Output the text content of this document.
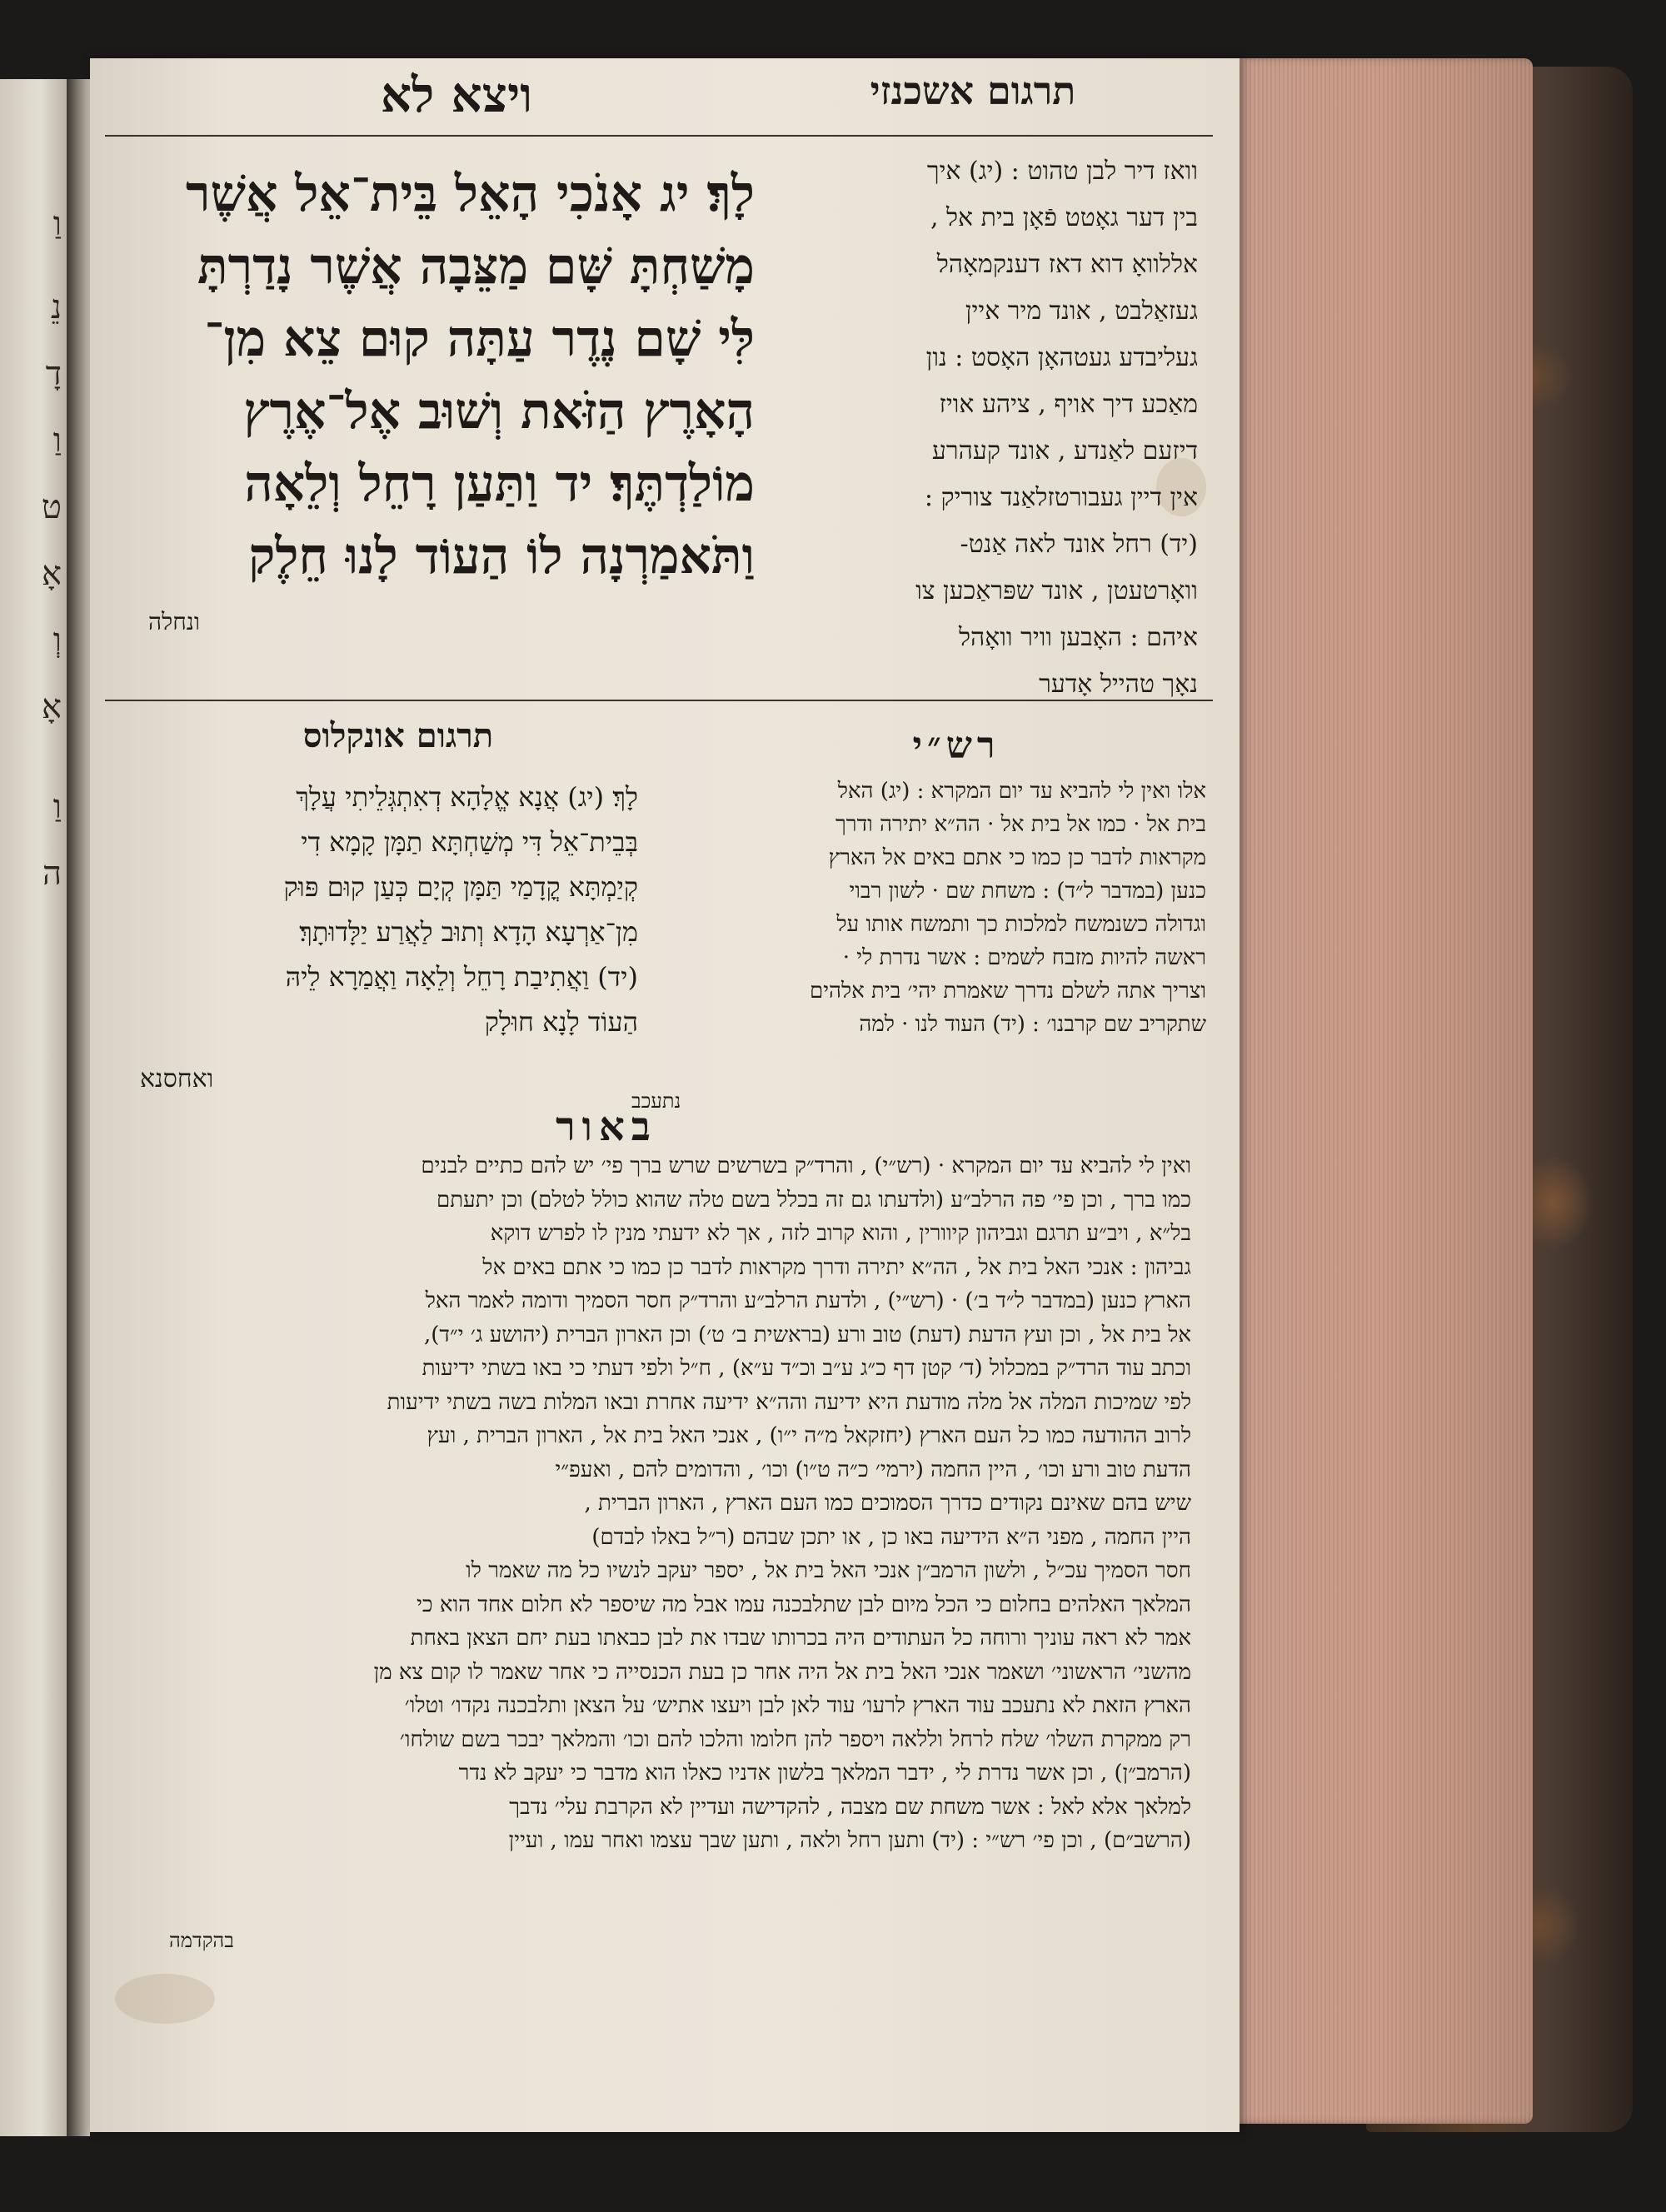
וַ
נֵ
דָ
וַ
ט
אָ
וְ
אָ
וַ
ה
ויצא לא	תרגום אשכנזי
לָךְ׃ יג אָנֹכִי הָאֵל בֵּית־אֵל אֲשֶׁר
מָשַׁחְתָּ שָּׁם מַצֵּבָה אֲשֶׁר נָדַרְתָּ
לִּי שָׁם נֶדֶר עַתָּה קוּם צֵא מִן־
הָאָרֶץ הַזֹּאת וְשׁוּב אֶל־אֶרֶץ
מוֹלַדְתֶּךָ׃ יד וַתַּעַן רָחֵל וְלֵאָה
וַתֹּאמַרְנָה לוֹ הַעוֹד לָנוּ חֵלֶק
ונחלה
וואז דיר לבן טהוט : (יג) איך
בין דער גאָטט פֿאָן בית אל ,
אללוואָ דוא דאז דענקמאָהל
געזאַלבט , אונד מיר איין
געליבדע געטהאָן האָסט : נון
מאַכע דיך אויף , ציהע אויז
דיזעם לאַנדע , אונד קעהרע
אין דיין געבורטזלאַנד צוריק :
(יד) רחל אונד לאה אַנט-
וואָרטעטן , אונד שפּראַכען צו
איהם : האָבען וויר וואָהל
נאָך טהייל אָדער
תרגום אונקלוס
לָךְ׃ (יג) אֲנָא אֱלָהָא דְאִתְגְּלֵיתִי עֲלָךְ
בְּבֵית־אֵל דִּי מְשַׁחְתָּא תַמָּן קָמָא דִי
קְיַמְתָּא קֳדָמַי תַּמָּן קְיָם כְּעַן קוּם פּוּק
מִן־אַרְעָא הָדָא וְתוּב לַאֲרַע יַלָּדוּתָךְ׃
(יד) וַאֲתִיבַת רָחֵל וְלֵאָה וַאֲמַרָא לֵיהּ
הַעוֹד לָנָא חוּלָק
ואחסנא
רש״י
אלו ואין לי להביא עד יום המקרא : (יג) האל
בית אל · כמו אל בית אל · הה״א יתירה ודרך
מקראות לדבר כן כמו כי אתם באים אל הארץ
כנען (במדבר ל״ד) : משחת שם · לשון רבוי
וגדולה כשנמשח למלכות כך ותמשח אותו על
ראשה להיות מזבח לשמים : אשר נדרת לי ·
וצריך אתה לשלם נדרך שאמרת יהי׳ בית אלהים
שתקריב שם קרבנו׳ : (יד) העוד לנו · למה
נתעכב
באור
ואין לי להביא עד יום המקרא · (רש״י) , והרד״ק בשרשים שרש ברך פי׳ יש להם כתיים לבנים
כמו ברך , וכן פי׳ פה הרלב״ע (ולדעתו גם זה בכלל בשם טלה שהוא כולל לטלם) וכן יתעתם
בל״א , ויב״ע תרגם וגביהון קיוורין , והוא קרוב לזה , אך לא ידעתי מנין לו לפרש דוקא
גביהון : אנכי האל בית אל , הה״א יתירה ודרך מקראות לדבר כן כמו כי אתם באים אל
הארץ כנען (במדבר ל״ד ב׳) · (רש״י) , ולדעת הרלב״ע והרד״ק חסר הסמיך ודומה לאמר האל
אל בית אל , וכן ועץ הדעת (דעת) טוב ורע (בראשית ב׳ ט׳) וכן הארון הברית (יהושע ג׳ י״ד),
וכתב עוד הרד״ק במכלול (ד׳ קטן דף כ״ג ע״ב וכ״ד ע״א) , ח״ל ולפי דעתי כי באו בשתי ידיעות
לפי שמיכות המלה אל מלה מודעת היא ידיעה והה״א ידיעה אחרת ובאו המלות בשה בשתי ידיעות
לרוב ההודעה כמו כל העם הארץ (יחזקאל מ״ה י״ו) , אנכי האל בית אל , הארון הברית , ועץ
הדעת טוב ורע וכו׳ , היין החמה (ירמי׳ כ״ה ט״ו) וכו׳ , והדומים להם , ואעפ״י
שיש בהם שאינם נקודים כדרך הסמוכים כמו העם הארץ , הארון הברית ,
היין החמה , מפני ה״א הידיעה באו כן , או יתכן שבהם (ר״ל באלו לבדם)
חסר הסמיך עכ״ל , ולשון הרמב״ן אנכי האל בית אל , יספר יעקב לנשיו כל מה שאמר לו
המלאך האלהים בחלום כי הכל מיום לבן שתלבכנה עמו אבל מה שיספר לא חלום אחד הוא כי
אמר לא ראה עוניך ורוחה כל העתודים היה בכרותו שבדו את לבן כבאתו בעת יחם הצאן באחת
מהשני׳ הראשוני׳ ושאמר אנכי האל בית אל היה אחר כן בעת הכנסייה כי אחר שאמר לו קום צא מן
הארץ הזאת לא נתעכב עוד הארץ לרעו׳ עוד לאן לבן ויעצו אתיש׳ על הצאן ותלבכנה נקדו׳ וטלו׳
רק ממקרת השלו׳ שלח לרחל וללאה ויספר להן חלומו והלכו להם וכו׳ והמלאך יבכר בשם שולחו׳
(הרמב״ן) , וכן אשר נדרת לי , ידבר המלאך בלשון אדניו כאלו הוא מדבר כי יעקב לא נדר
למלאך אלא לאל : אשר משחת שם מצבה , להקדישה ועדיין לא הקרבת עלי׳ נדבך
(הרשב״ם) , וכן פי׳ רש״י : (יד) ותען רחל ולאה , ותען שבך עצמו ואחר עמו , ועיין
בהקדמה
